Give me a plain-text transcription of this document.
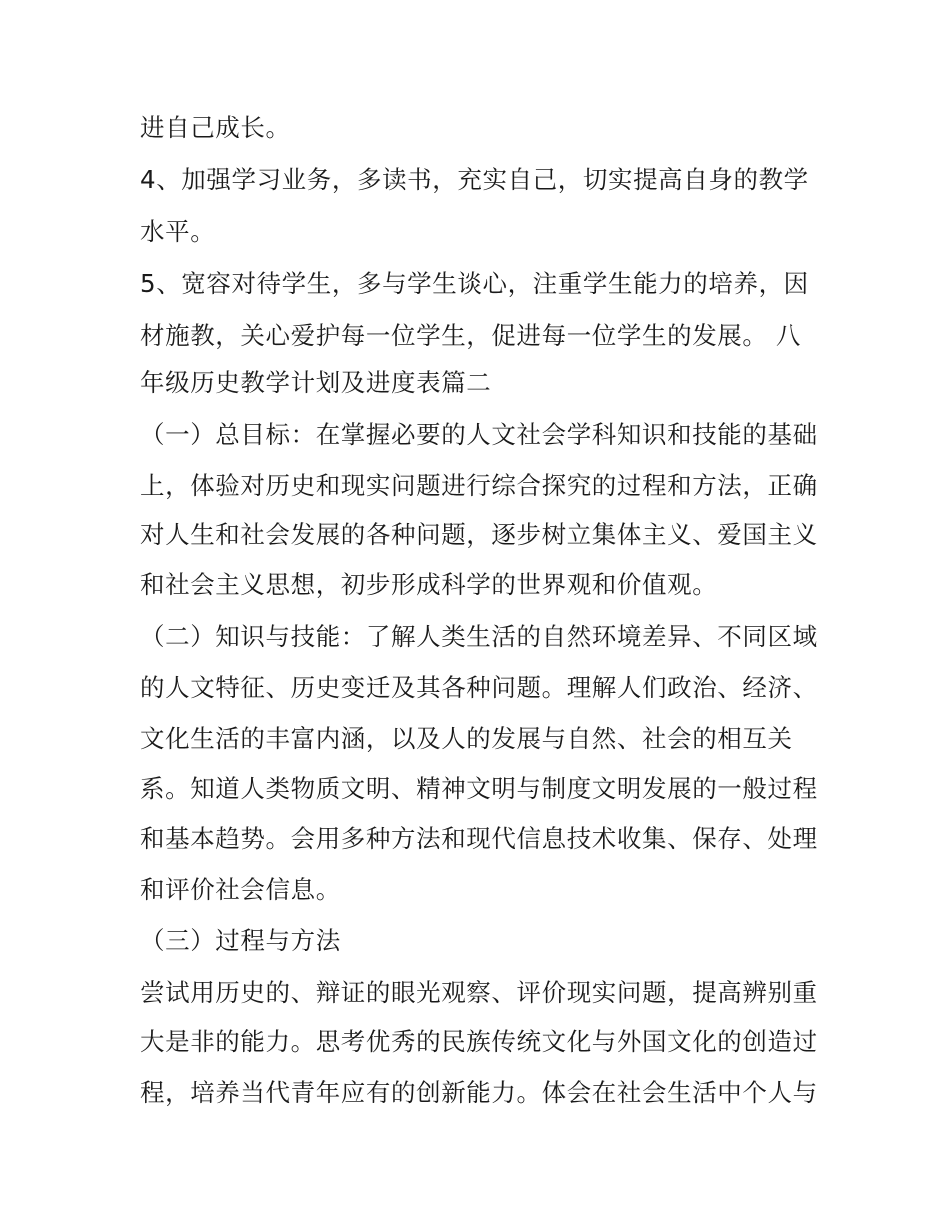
进自己成长。
4、加强学习业务，多读书，充实自己，切实提高自身的教学
水平。
5、宽容对待学生，多与学生谈心，注重学生能力的培养，因
材施教，关心爱护每一位学生，促进每一位学生的发展。 八
年级历史教学计划及进度表篇二
（一）总目标：在掌握必要的人文社会学科知识和技能的基础
上，体验对历史和现实问题进行综合探究的过程和方法，正确
对人生和社会发展的各种问题，逐步树立集体主义、爱国主义
和社会主义思想，初步形成科学的世界观和价值观。
（二）知识与技能：了解人类生活的自然环境差异、不同区域
的人文特征、历史变迁及其各种问题。理解人们政治、经济、
文化生活的丰富内涵，以及人的发展与自然、社会的相互关
系。知道人类物质文明、精神文明与制度文明发展的一般过程
和基本趋势。会用多种方法和现代信息技术收集、保存、处理
和评价社会信息。
（三）过程与方法
尝试用历史的、辩证的眼光观察、评价现实问题，提高辨别重
大是非的能力。思考优秀的民族传统文化与外国文化的创造过
程，培养当代青年应有的创新能力。体会在社会生活中个人与
